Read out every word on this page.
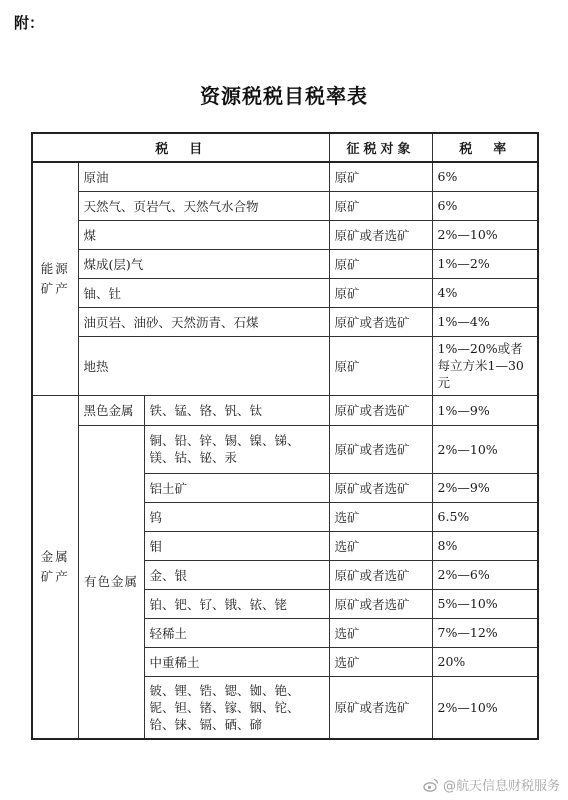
附：
资源税税目税率表
税　目			征税对象	税　率
能源矿产	原油		原矿	6%
	天然气、页岩气、天然气水合物		原矿	6%
	煤		原矿或者选矿	2%—10%
	煤成(层)气		原矿	1%—2%
	铀、钍		原矿	4%
	油页岩、油砂、天然沥青、石煤		原矿或者选矿	1%—4%
	地热		原矿	1%—20%或者每立方米1—30元
金属矿产	黑色金属	铁、锰、铬、钒、钛	原矿或者选矿	1%—9%
	有色金属	铜、铅、锌、锡、镍、锑、镁、钴、铋、汞	原矿或者选矿	2%—10%
		铝土矿	原矿或者选矿	2%—9%
		钨	选矿	6.5%
		钼	选矿	8%
		金、银	原矿或者选矿	2%—6%
		铂、钯、钌、锇、铱、铑	原矿或者选矿	5%—10%
		轻稀土	选矿	7%—12%
		中重稀土	选矿	20%
		铍、锂、锆、锶、铷、铯、铌、钽、锗、镓、铟、铊、铪、铼、镉、硒、碲	原矿或者选矿	2%—10%
@航天信息财税服务
